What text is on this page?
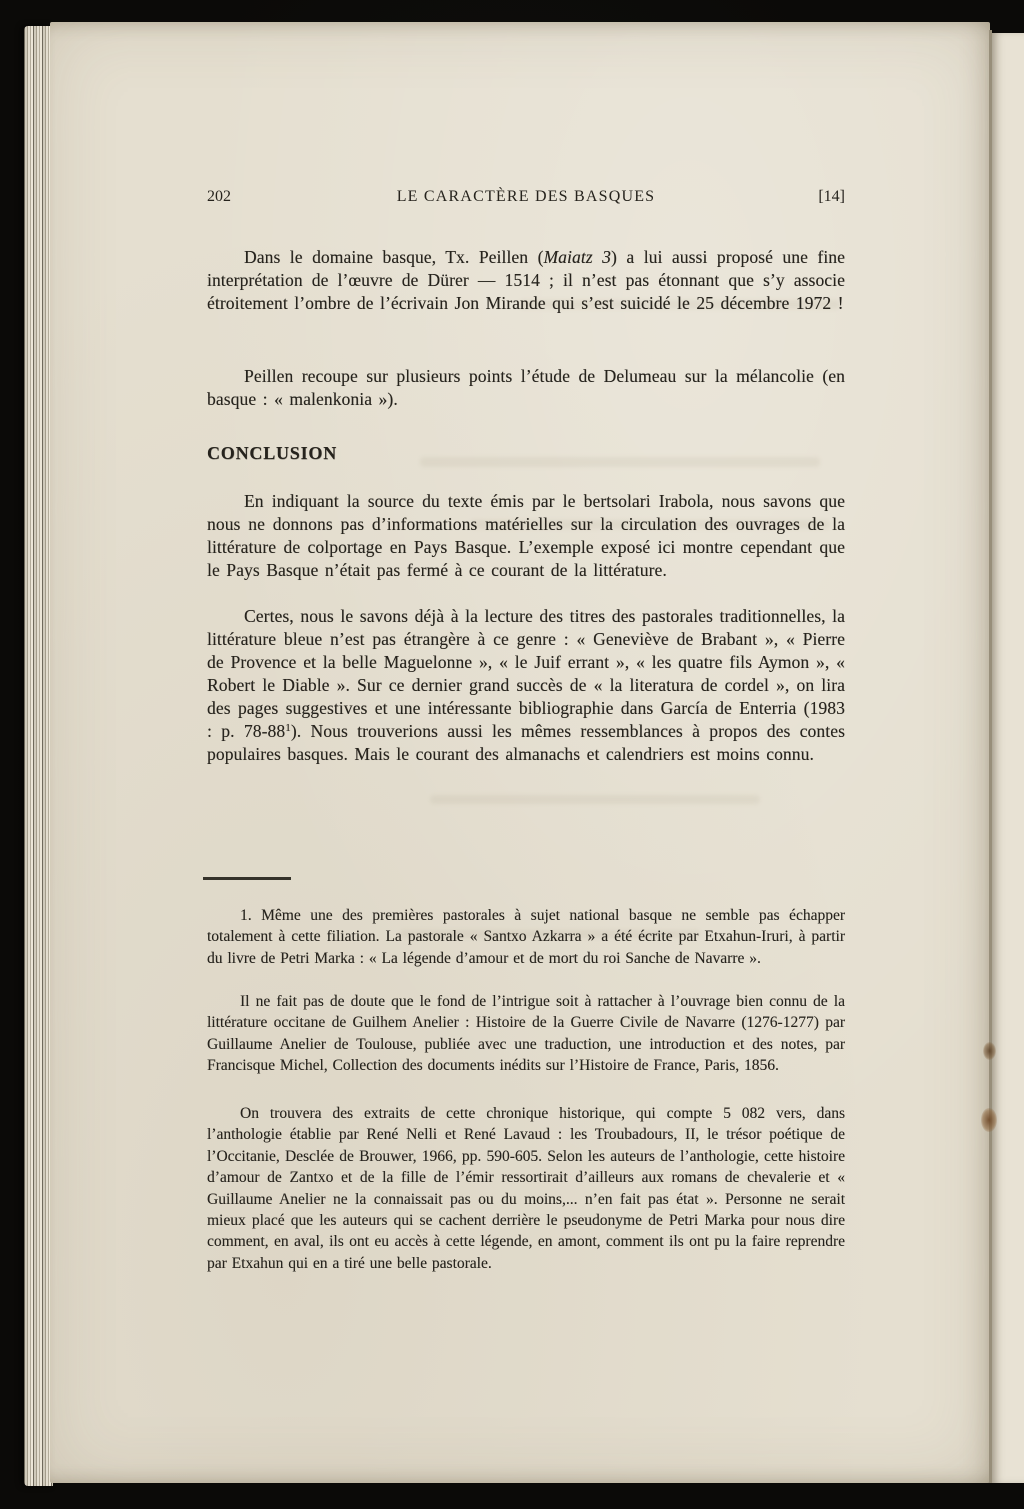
LE CARACTÈRE DES BASQUES
202	[14]

Dans le domaine basque, Tx. Peillen (Maiatz 3) a lui aussi proposé une fine interprétation de l’œuvre de Dürer — 1514 ; il n’est pas étonnant que s’y associe étroitement l’ombre de l’écrivain Jon Mirande qui s’est suicidé le 25 décembre 1972 !

Peillen recoupe sur plusieurs points l’étude de Delumeau sur la mélancolie (en basque : « malenkonia »).

CONCLUSION

En indiquant la source du texte émis par le bertsolari Irabola, nous savons que nous ne donnons pas d’informations matérielles sur la circulation des ouvrages de la littérature de colportage en Pays Basque. L’exemple exposé ici montre cependant que le Pays Basque n’était pas fermé à ce courant de la littérature.

Certes, nous le savons déjà à la lecture des titres des pastorales traditionnelles, la littérature bleue n’est pas étrangère à ce genre : « Geneviève de Brabant », « Pierre de Provence et la belle Maguelonne », « le Juif errant », « les quatre fils Aymon », « Robert le Diable ». Sur ce dernier grand succès de « la literatura de cordel », on lira des pages suggestives et une intéressante bibliographie dans García de Enterria (1983 : p. 78-88$^1$). Nous trouverions aussi les mêmes ressemblances à propos des contes populaires basques. Mais le courant des almanachs et calendriers est moins connu.

1. Même une des premières pastorales à sujet national basque ne semble pas échapper totalement à cette filiation. La pastorale « Santxo Azkarra » a été écrite par Etxahun-Iruri, à partir du livre de Petri Marka : « La légende d’amour et de mort du roi Sanche de Navarre ».

Il ne fait pas de doute que le fond de l’intrigue soit à rattacher à l’ouvrage bien connu de la littérature occitane de Guilhem Anelier : Histoire de la Guerre Civile de Navarre (1276-1277) par Guillaume Anelier de Toulouse, publiée avec une traduction, une introduction et des notes, par Francisque Michel, Collection des documents inédits sur l’Histoire de France, Paris, 1856.

On trouvera des extraits de cette chronique historique, qui compte 5 082 vers, dans l’anthologie établie par René Nelli et René Lavaud : les Troubadours, II, le trésor poétique de l’Occitanie, Desclée de Brouwer, 1966, pp. 590-605. Selon les auteurs de l’anthologie, cette histoire d’amour de Zantxo et de la fille de l’émir ressortirait d’ailleurs aux romans de chevalerie et « Guillaume Anelier ne la connaissait pas ou du moins,... n’en fait pas état ». Personne ne serait mieux placé que les auteurs qui se cachent derrière le pseudonyme de Petri Marka pour nous dire comment, en aval, ils ont eu accès à cette légende, en amont, comment ils ont pu la faire reprendre par Etxahun qui en a tiré une belle pastorale.
